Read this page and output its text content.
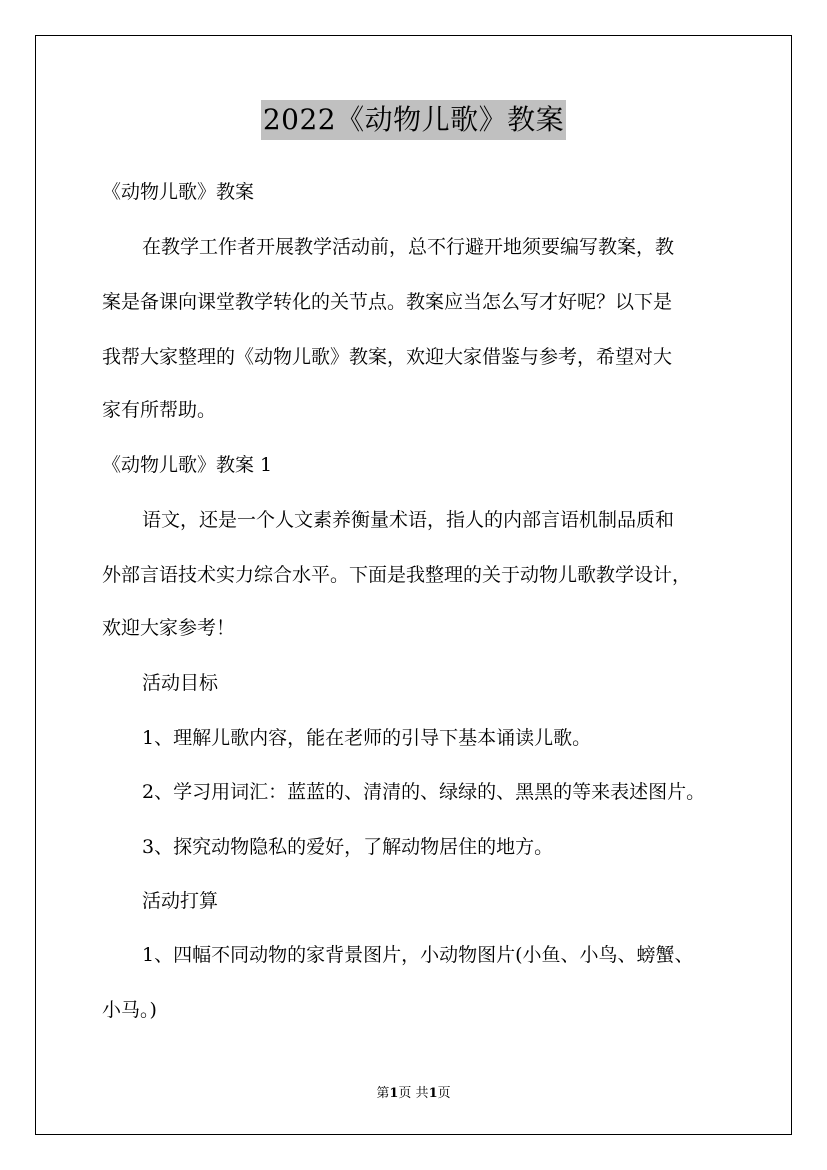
2022《动物儿歌》教案
《动物儿歌》教案
在教学工作者开展教学活动前，总不行避开地须要编写教案，教
案是备课向课堂教学转化的关节点。教案应当怎么写才好呢？以下是
我帮大家整理的《动物儿歌》教案，欢迎大家借鉴与参考，希望对大
家有所帮助。
《动物儿歌》教案 1
语文，还是一个人文素养衡量术语，指人的内部言语机制品质和
外部言语技术实力综合水平。下面是我整理的关于动物儿歌教学设计，
欢迎大家参考！
活动目标
1、理解儿歌内容，能在老师的引导下基本诵读儿歌。
2、学习用词汇：蓝蓝的、清清的、绿绿的、黑黑的等来表述图片。
3、探究动物隐私的爱好，了解动物居住的地方。
活动打算
1、四幅不同动物的家背景图片，小动物图片(小鱼、小鸟、螃蟹、
小马。)
第1页 共1页
